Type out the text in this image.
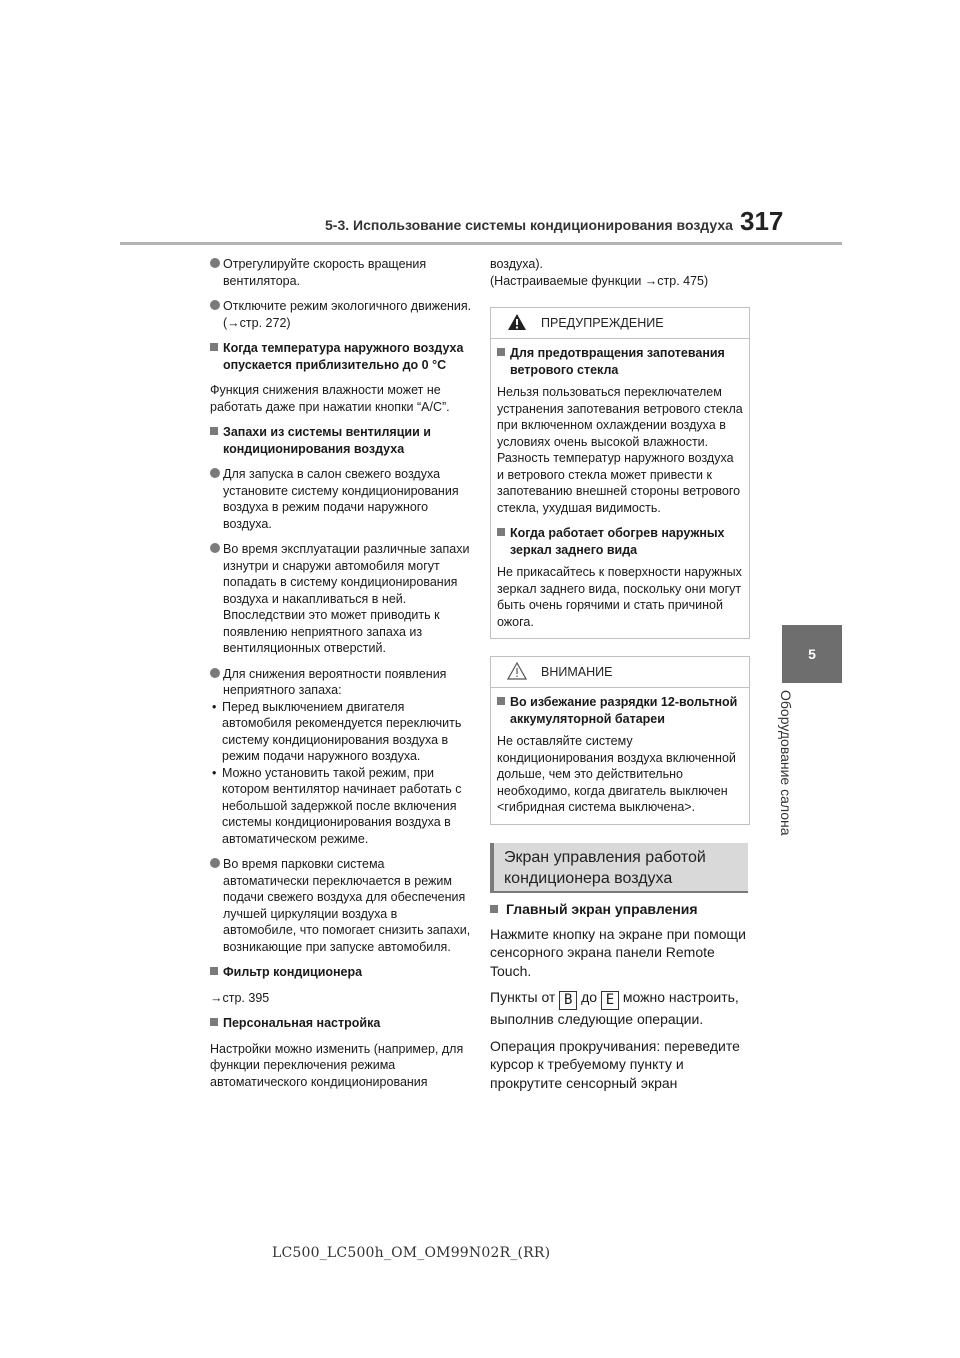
5-3. Использование системы кондиционирования воздуха 317
5
Оборудование салона
Отрегулируйте скорость вращения вентилятора.
Отключите режим экологичного движения. (→стр. 272)
Когда температура наружного воздуха опускается приблизительно до 0 °C
Функция снижения влажности может не работать даже при нажатии кнопки “A/C”.
Запахи из системы вентиляции и кондиционирования воздуха
Для запуска в салон свежего воздуха установите систему кондиционирования воздуха в режим подачи наружного воздуха.
Во время эксплуатации различные запахи изнутри и снаружи автомобиля могут попадать в систему кондиционирования воздуха и накапливаться в ней. Впоследствии это может приводить к появлению неприятного запаха из вентиляционных отверстий.
Для снижения вероятности появления неприятного запаха:
• Перед выключением двигателя автомобиля рекомендуется переключить систему кондиционирования воздуха в режим подачи наружного воздуха.
• Можно установить такой режим, при котором вентилятор начинает работать с небольшой задержкой после включения системы кондиционирования воздуха в автоматическом режиме.
Во время парковки система автоматически переключается в режим подачи свежего воздуха для обеспечения лучшей циркуляции воздуха в автомобиле, что помогает снизить запахи, возникающие при запуске автомобиля.
Фильтр кондиционера
→стр. 395
Персональная настройка
Настройки можно изменить (например, для функции переключения режима автоматического кондиционирования
воздуха).
(Настраиваемые функции →стр. 475)
ПРЕДУПРЕЖДЕНИЕ
Для предотвращения запотевания ветрового стекла
Нельзя пользоваться переключателем устранения запотевания ветрового стекла при включенном охлаждении воздуха в условиях очень высокой влажности. Разность температур наружного воздуха и ветрового стекла может привести к запотеванию внешней стороны ветрового стекла, ухудшая видимость.
Когда работает обогрев наружных зеркал заднего вида
Не прикасайтесь к поверхности наружных зеркал заднего вида, поскольку они могут быть очень горячими и стать причиной ожога.
ВНИМАНИЕ
Во избежание разрядки 12-вольтной аккумуляторной батареи
Не оставляйте систему кондиционирования воздуха включенной дольше, чем это действительно необходимо, когда двигатель выключен <гибридная система выключена>.
Экран управления работой кондиционера воздуха
Главный экран управления
Нажмите кнопку на экране при помощи сенсорного экрана панели Remote Touch.
Пункты от B до E можно настроить, выполнив следующие операции.
Операция прокручивания: переведите курсор к требуемому пункту и прокрутите сенсорный экран
LC500_LC500h_OM_OM99N02R_(RR)
